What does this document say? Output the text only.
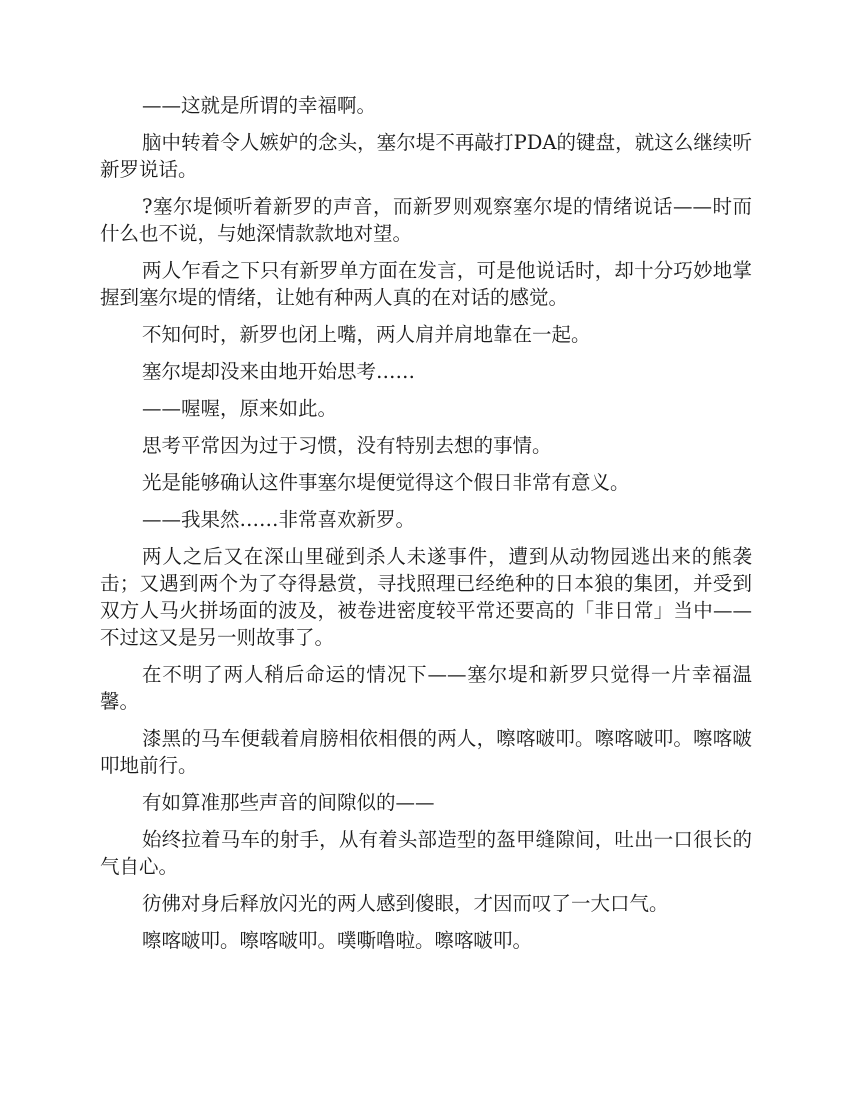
——这就是所谓的幸福啊。

脑中转着令人嫉妒的念头，塞尔堤不再敲打PDA的键盘，就这么继续听新罗说话。

?塞尔堤倾听着新罗的声音，而新罗则观察塞尔堤的情绪说话——时而什么也不说，与她深情款款地对望。

两人乍看之下只有新罗单方面在发言，可是他说话时，却十分巧妙地掌握到塞尔堤的情绪，让她有种两人真的在对话的感觉。

不知何时，新罗也闭上嘴，两人肩并肩地靠在一起。

塞尔堤却没来由地开始思考……

——喔喔，原来如此。

思考平常因为过于习惯，没有特别去想的事情。

光是能够确认这件事塞尔堤便觉得这个假日非常有意义。

——我果然……非常喜欢新罗。

两人之后又在深山里碰到杀人未遂事件，遭到从动物园逃出来的熊袭击；又遇到两个为了夺得悬赏，寻找照理已经绝种的日本狼的集团，并受到双方人马火拼场面的波及，被卷进密度较平常还要高的「非日常」当中——不过这又是另一则故事了。

在不明了两人稍后命运的情况下——塞尔堤和新罗只觉得一片幸福温馨。

漆黑的马车便载着肩膀相依相偎的两人，嚓喀啵叩。嚓喀啵叩。嚓喀啵叩地前行。

有如算准那些声音的间隙似的——

始终拉着马车的射手，从有着头部造型的盔甲缝隙间，吐出一口很长的气自心。

彷佛对身后释放闪光的两人感到傻眼，才因而叹了一大口气。

嚓喀啵叩。嚓喀啵叩。噗嘶噜啦。嚓喀啵叩。
